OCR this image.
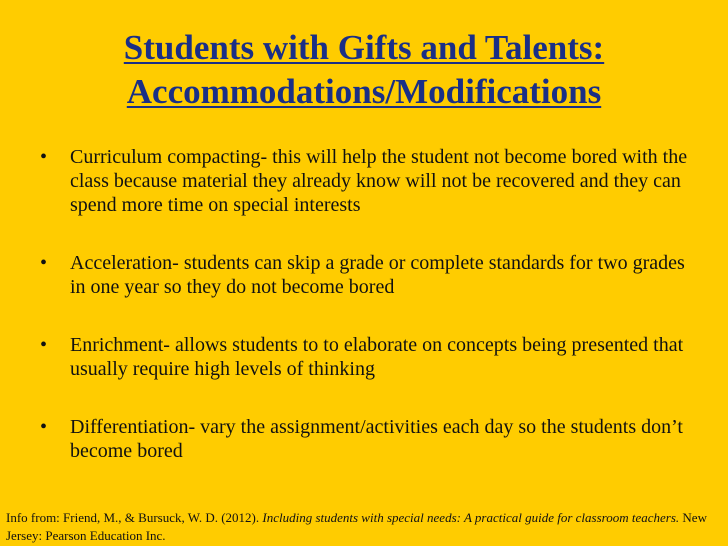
Students with Gifts and Talents:
Accommodations/Modifications
• Curriculum compacting- this will help the student not become bored with the class because material they already know will not be recovered and they can spend more time on special interests
• Acceleration- students can skip a grade or complete standards for two grades in one year so they do not become bored
• Enrichment- allows students to to elaborate on concepts being presented that usually require high levels of thinking
• Differentiation- vary the assignment/activities each day so the students don’t become bored
Info from: Friend, M., & Bursuck, W. D. (2012). Including students with special needs: A practical guide for classroom teachers. New Jersey: Pearson Education Inc.
